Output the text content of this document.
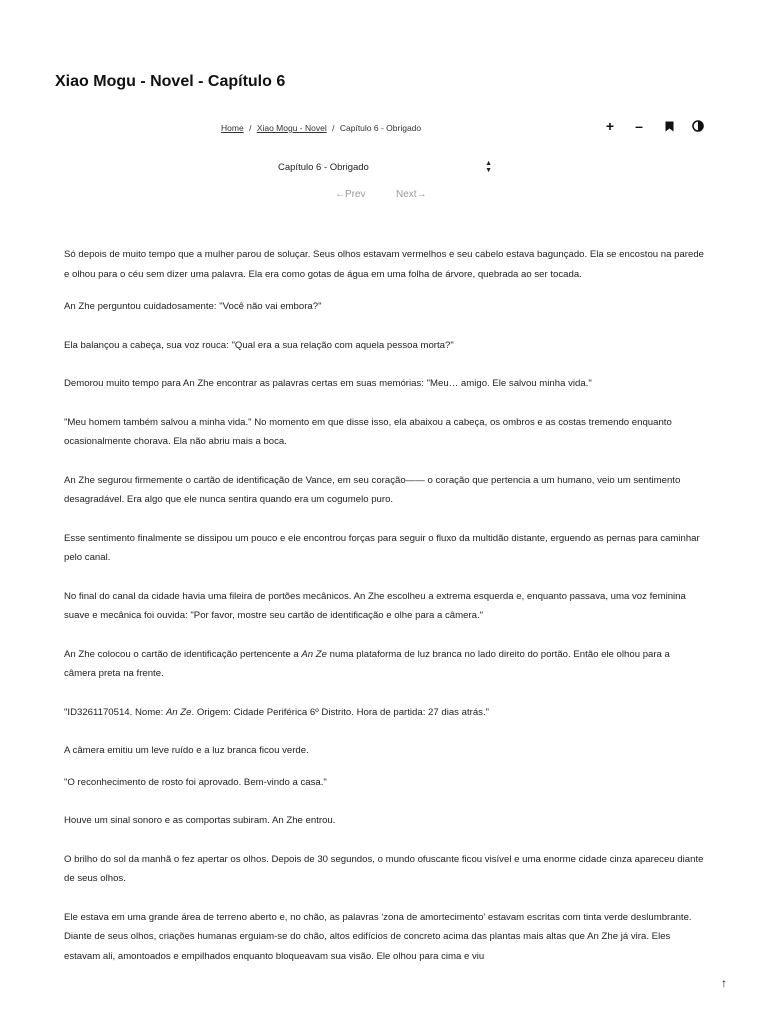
Xiao Mogu - Novel - Capítulo 6
Home / Xiao Mogu - Novel / Capítulo 6 - Obrigado	+	–
Capítulo 6 - Obrigado	▲
▼
←Prev	Next→

Só depois de muito tempo que a mulher parou de soluçar. Seus olhos estavam vermelhos e seu cabelo estava bagunçado. Ela se encostou na parede e olhou para o céu sem dizer uma palavra. Ela era como gotas de água em uma folha de árvore, quebrada ao ser tocada.

An Zhe perguntou cuidadosamente: "Você não vai embora?"

Ela balançou a cabeça, sua voz rouca: "Qual era a sua relação com aquela pessoa morta?"

Demorou muito tempo para An Zhe encontrar as palavras certas em suas memórias: "Meu… amigo. Ele salvou minha vida."

"Meu homem também salvou a minha vida." No momento em que disse isso, ela abaixou a cabeça, os ombros e as costas tremendo enquanto ocasionalmente chorava. Ela não abriu mais a boca.

An Zhe segurou firmemente o cartão de identificação de Vance, em seu coração—— o coração que pertencia a um humano, veio um sentimento desagradável. Era algo que ele nunca sentira quando era um cogumelo puro.

Esse sentimento finalmente se dissipou um pouco e ele encontrou forças para seguir o fluxo da multidão distante, erguendo as pernas para caminhar pelo canal.

No final do canal da cidade havia uma fileira de portões mecânicos. An Zhe escolheu a extrema esquerda e, enquanto passava, uma voz feminina suave e mecânica foi ouvida: "Por favor, mostre seu cartão de identificação e olhe para a câmera."

An Zhe colocou o cartão de identificação pertencente a An Ze numa plataforma de luz branca no lado direito do portão. Então ele olhou para a câmera preta na frente.

"ID3261170514. Nome: An Ze. Origem: Cidade Periférica 6º Distrito. Hora de partida: 27 dias atrás."

A câmera emitiu um leve ruído e a luz branca ficou verde.

"O reconhecimento de rosto foi aprovado. Bem-vindo a casa."

Houve um sinal sonoro e as comportas subiram. An Zhe entrou.

O brilho do sol da manhã o fez apertar os olhos. Depois de 30 segundos, o mundo ofuscante ficou visível e uma enorme cidade cinza apareceu diante de seus olhos.

Ele estava em uma grande área de terreno aberto e, no chão, as palavras 'zona de amortecimento' estavam escritas com tinta verde deslumbrante. Diante de seus olhos, criações humanas erguiam-se do chão, altos edifícios de concreto acima das plantas mais altas que An Zhe já vira. Eles estavam ali, amontoados e empilhados enquanto bloqueavam sua visão. Ele olhou para cima e viu

↑
